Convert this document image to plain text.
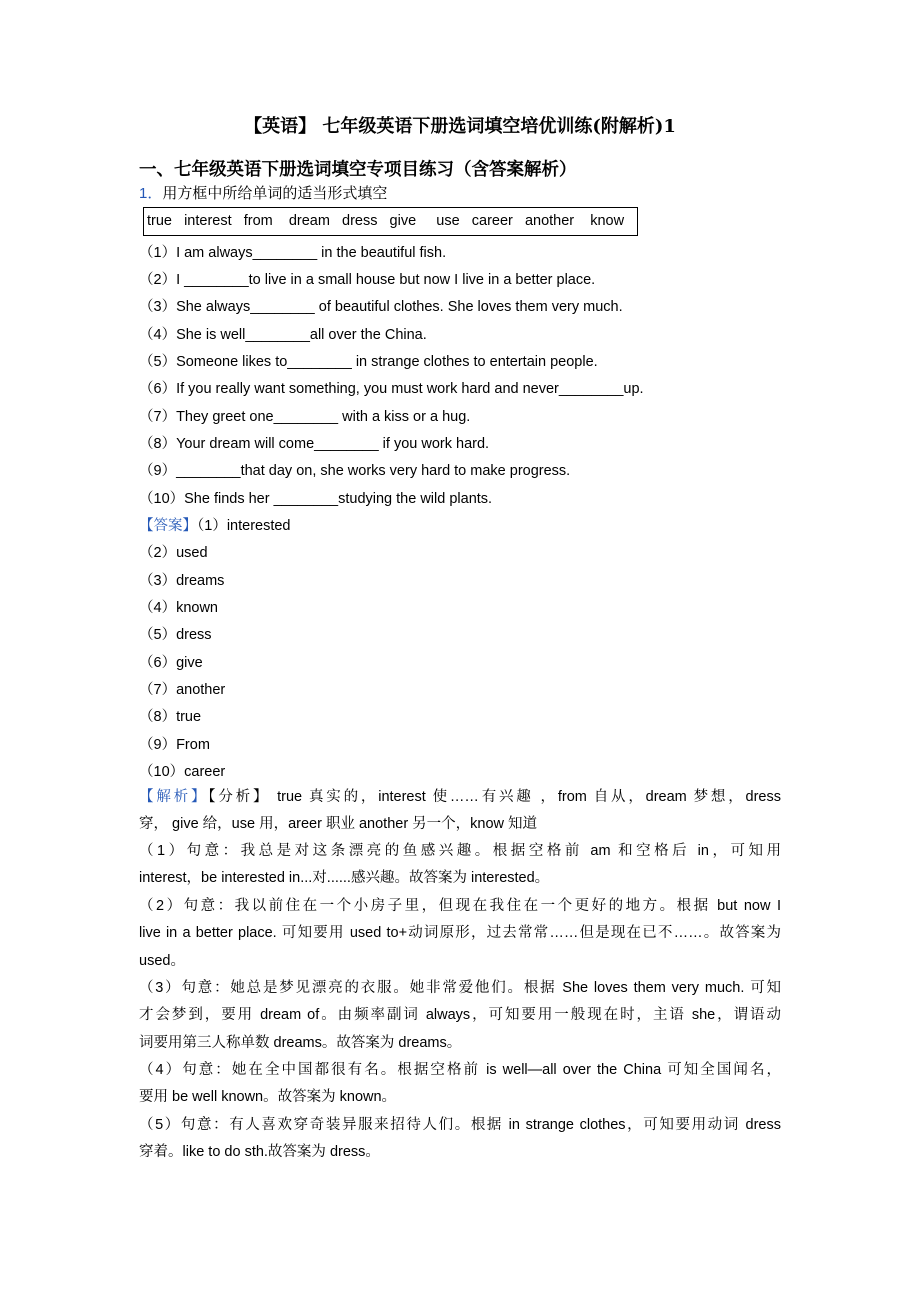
【英语】 七年级英语下册选词填空培优训练(附解析)1
一、七年级英语下册选词填空专项目练习（含答案解析）
1．用方框中所给单词的适当形式填空
true   interest   from    dream   dress   give     use   career   another    know
（1）I am always________ in the beautiful fish.
（2）I ________to live in a small house but now I live in a better place.
（3）She always________ of beautiful clothes. She loves them very much.
（4）She is well________all over the China.
（5）Someone likes to________ in strange clothes to entertain people.
（6）If you really want something, you must work hard and never________up.
（7）They greet one________ with a kiss or a hug.
（8）Your dream will come________ if you work hard.
（9）________that day on, she works very hard to make progress.
（10）She finds her ________studying the wild plants.
【答案】（1）interested
（2）used
（3）dreams
（4）known
（5）dress
（6）give
（7）another
（8）true
（9）From
（10）career
【解析】【分析】 true 真实的，interest 使……有兴趣 ，from 自从，dream 梦想，dress
穿， give 给，use 用，areer 职业 another 另一个，know 知道
（1）句意：我总是对这条漂亮的鱼感兴趣。根据空格前 am 和空格后 in，可知用
interest，be interested in...对......感兴趣。故答案为 interested。
（2）句意：我以前住在一个小房子里，但现在我住在一个更好的地方。根据 but now I
live in a better place. 可知要用 used to+动词原形，过去常常……但是现在已不……。故答案为
used。
（3）句意：她总是梦见漂亮的衣服。她非常爱他们。根据 She loves them very much. 可知
才会梦到，要用 dream of。由频率副词 always，可知要用一般现在时，主语 she，谓语动
词要用第三人称单数 dreams。故答案为 dreams。
（4）句意：她在全中国都很有名。根据空格前 is well—all over the China 可知全国闻名，
要用 be well known。故答案为 known。
（5）句意：有人喜欢穿奇装异服来招待人们。根据 in strange clothes，可知要用动词 dress
穿着。like to do sth.故答案为 dress。
